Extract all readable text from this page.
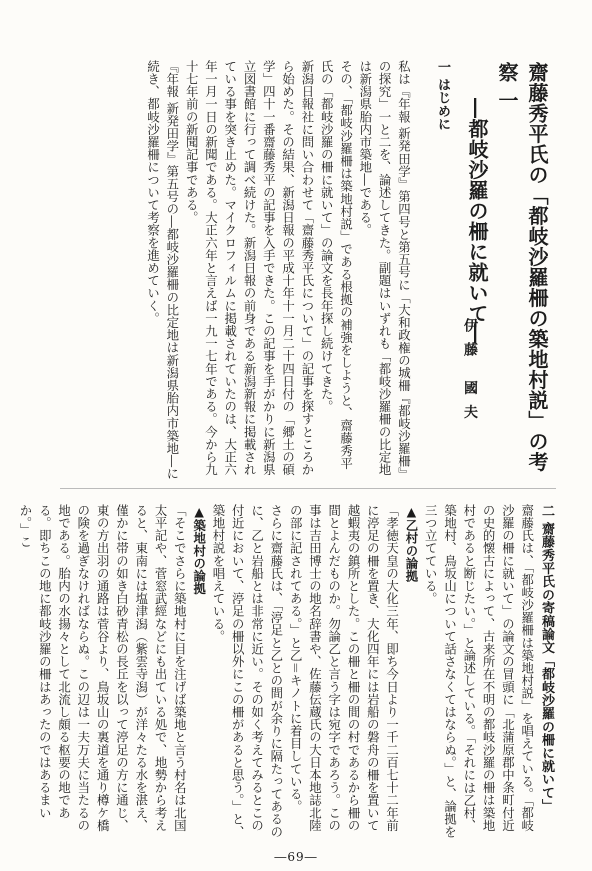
齋藤秀平氏の「都岐沙羅柵の築地村説」の考察 一
―都岐沙羅の柵に就いて―
伊藤 國夫

一 はじめに

私は『年報 新発田学』第四号と第五号に「大和政権の城柵『都岐沙羅柵』の探究」一と二を、論述してきた。副題はいずれも「都岐沙羅柵の比定地は新潟県胎内市築地―である。

その、「都岐沙羅柵は築地村説」である根拠の補強をしようと、齋藤秀平氏の「都岐沙羅の柵に就いて」の論文を長年探し続けてきた。

新潟日報社に問い合わせて「齋藤秀平氏について」の記事を探すところから始めた。その結果、新潟日報の平成十年十一月二十四日付の「郷土の碩学」四十一番齋藤秀平の記事を入手できた。この記事を手がかりに新潟県立図書館に行って調べ続けた。新潟日報の前身である新潟新報に掲載されている事を突き止めた。マイクロフィルムに掲載されていたのは、大正六年一月一日の新聞である。大正六年と言えば一九一七年である。今から九十七年前の新聞記事である。

『年報 新発田学』第五号の―都岐沙羅柵の比定地は新潟県胎内市築地―に続き、都岐沙羅柵について考察を進めていく。

二 齋藤秀平氏の寄稿論文「都岐沙羅の柵に就いて」

齋藤氏は、「都岐沙羅柵は築地村説」を唱えている。「都岐沙羅の柵に就いて」の論文の冒頭に「北蒲原郡中条町付近の史的懐古によって、古来所在不明の都岐沙羅の柵は築地村であると断じたい。」と論述している。「それには乙村、築地村、鳥坂山について話さなくてはならぬ。」と、論拠を三つ立てている。

▲乙村の論拠

「孝徳天皇の大化三年、即ち今日より一千二百七十二年前に渟足の柵を置き、大化四年には岩船の磐舟の柵を置いて越蝦夷の鎮所とした。この柵と柵の間の村であるから柵の間とよんだものか。勿論乙と言う字は宛字であろう。この事は吉田博士の地名辞書や、佐藤伝蔵氏の大日本地誌北陸の部に記されてある。」と乙＝キノトに着目している。

さらに齋藤氏は、「渟足と乙との間が余りに隔たってあるのに、乙と岩船とは非常に近い。その如く考えてみるとこの付近において、渟足の柵以外にこの柵があると思う。」と、築地村説を唱えている。

▲築地村の論拠

「そこでさらに築地村に目を注げば築地と言う村名は北国太平記や、菅窓武經などにも出ている処で、地勢から考えると、東南には塩津潟（紫雲寺潟）が洋々たる水を湛え、僅かに帯の如き白砂青松の長丘を以って渟足の方に通じ、東の方出羽の通路は菅谷より、鳥坂山の裏道を通り樽ケ橋の険を過ぎなければならぬ。この辺は一夫万夫に当たるの地である。胎内の水揚々として北流し頗る枢要の地である。即ちこの地に都岐沙羅の柵はあったのではあるまいか。」こ

―69―
